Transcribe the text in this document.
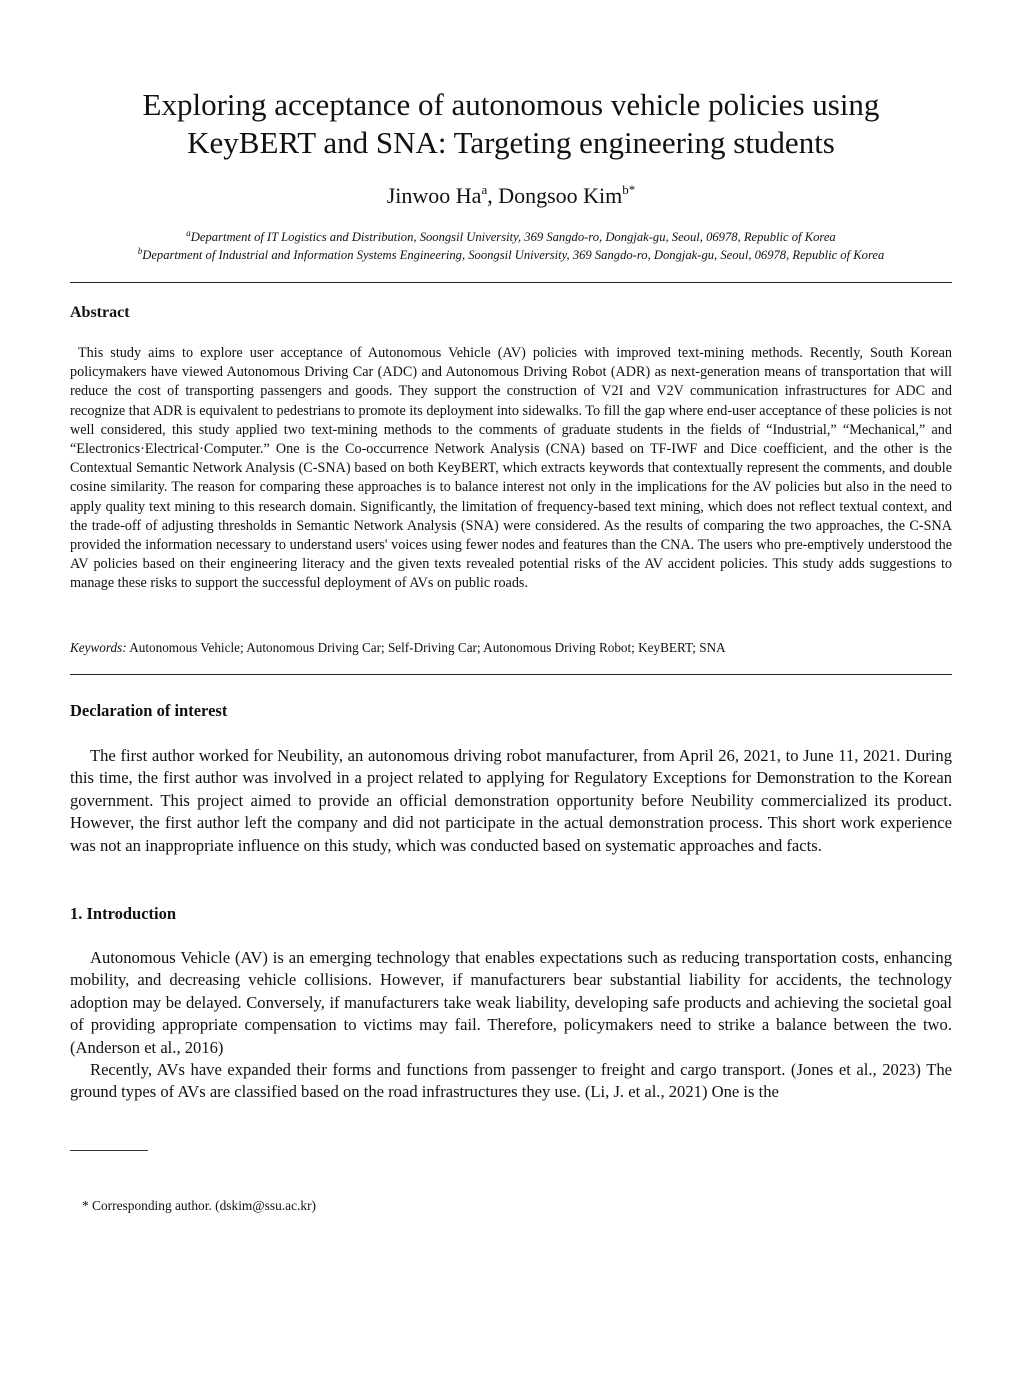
Exploring acceptance of autonomous vehicle policies using
KeyBERT and SNA: Targeting engineering students
Jinwoo Ha$^a$, Dongsoo Kim$^{b*}$
$^a$Department of IT Logistics and Distribution, Soongsil University, 369 Sangdo-ro, Dongjak-gu, Seoul, 06978, Republic of Korea
$^b$Department of Industrial and Information Systems Engineering, Soongsil University, 369 Sangdo-ro, Dongjak-gu, Seoul, 06978, Republic of Korea
Abstract

This study aims to explore user acceptance of Autonomous Vehicle (AV) policies with improved text-mining methods. Recently, South Korean policymakers have viewed Autonomous Driving Car (ADC) and Autonomous Driving Robot (ADR) as next-generation means of transportation that will reduce the cost of transporting passengers and goods. They support the construction of V2I and V2V communication infrastructures for ADC and recognize that ADR is equivalent to pedestrians to promote its deployment into sidewalks. To fill the gap where end-user acceptance of these policies is not well considered, this study applied two text-mining methods to the comments of graduate students in the fields of “Industrial,” “Mechanical,” and “Electronics·Electrical·Computer.” One is the Co-occurrence Network Analysis (CNA) based on TF-IWF and Dice coefficient, and the other is the Contextual Semantic Network Analysis (C-SNA) based on both KeyBERT, which extracts keywords that contextually represent the comments, and double cosine similarity. The reason for comparing these approaches is to balance interest not only in the implications for the AV policies but also in the need to apply quality text mining to this research domain. Significantly, the limitation of frequency-based text mining, which does not reflect textual context, and the trade-off of adjusting thresholds in Semantic Network Analysis (SNA) were considered. As the results of comparing the two approaches, the C-SNA provided the information necessary to understand users' voices using fewer nodes and features than the CNA. The users who pre-emptively understood the AV policies based on their engineering literacy and the given texts revealed potential risks of the AV accident policies. This study adds suggestions to manage these risks to support the successful deployment of AVs on public roads.

Keywords: Autonomous Vehicle; Autonomous Driving Car; Self-Driving Car; Autonomous Driving Robot; KeyBERT; SNA
Declaration of interest

The first author worked for Neubility, an autonomous driving robot manufacturer, from April 26, 2021, to June 11, 2021. During this time, the first author was involved in a project related to applying for Regulatory Exceptions for Demonstration to the Korean government. This project aimed to provide an official demonstration opportunity before Neubility commercialized its product. However, the first author left the company and did not participate in the actual demonstration process. This short work experience was not an inappropriate influence on this study, which was conducted based on systematic approaches and facts.

1. Introduction

Autonomous Vehicle (AV) is an emerging technology that enables expectations such as reducing transportation costs, enhancing mobility, and decreasing vehicle collisions. However, if manufacturers bear substantial liability for accidents, the technology adoption may be delayed. Conversely, if manufacturers take weak liability, developing safe products and achieving the societal goal of providing appropriate compensation to victims may fail. Therefore, policymakers need to strike a balance between the two. (Anderson et al., 2016)

Recently, AVs have expanded their forms and functions from passenger to freight and cargo transport. (Jones et al., 2023) The ground types of AVs are classified based on the road infrastructures they use. (Li, J. et al., 2021) One is the

* Corresponding author. (dskim@ssu.ac.kr)
